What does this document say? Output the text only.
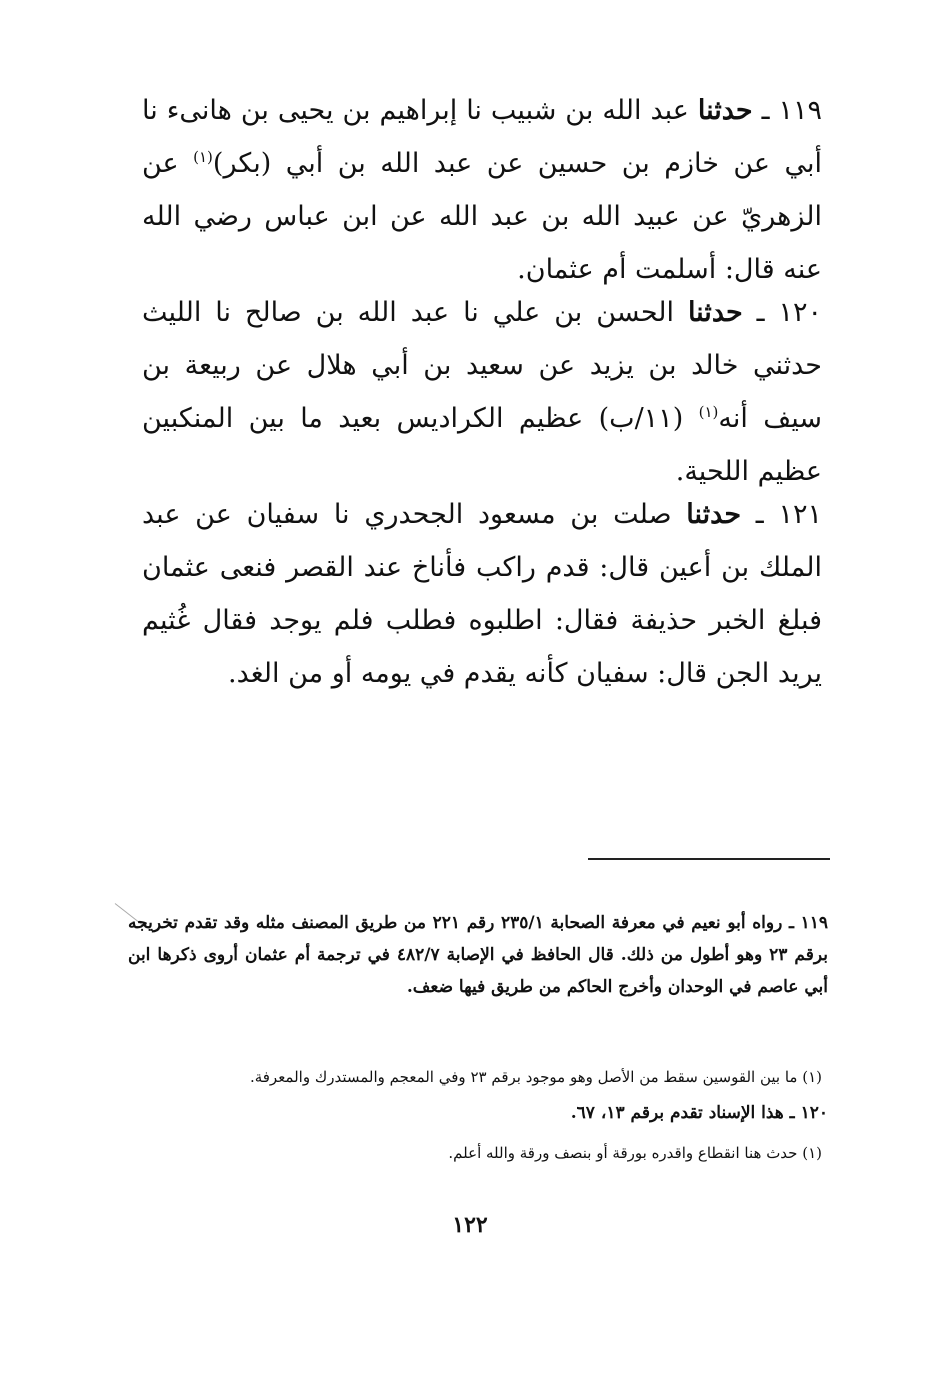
١١٩ ـ حدثنا عبد الله بن شبيب نا إبراهيم بن يحيى بن هانىء نا أبي عن خازم بن حسين عن عبد الله بن أبي (بكر)$^{(١)}$ عن الزهريّ عن عبيد الله بن عبد الله عن ابن عباس رضي الله عنه قال: أسلمت أم عثمان.

١٢٠ ـ حدثنا الحسن بن علي نا عبد الله بن صالح نا الليث حدثني خالد بن يزيد عن سعيد بن أبي هلال عن ربيعة بن سيف أنه$^{(١)}$ (١١/ب) عظيم الكراديس بعيد ما بين المنكبين عظيم اللحية.

١٢١ ـ حدثنا صلت بن مسعود الجحدري نا سفيان عن عبد الملك بن أعين قال: قدم راكب فأناخ عند القصر فنعى عثمان فبلغ الخبر حذيفة فقال: اطلبوه فطلب فلم يوجد فقال غُثيم يريد الجن قال: سفيان كأنه يقدم في يومه أو من الغد.

١١٩ ـ رواه أبو نعيم في معرفة الصحابة ٢٣٥/١ رقم ٢٢١ من طريق المصنف مثله وقد تقدم تخريجه برقم ٢٣ وهو أطول من ذلك. قال الحافظ في الإصابة ٤٨٢/٧ في ترجمة أم عثمان أروى ذكرها ابن أبي عاصم في الوحدان وأخرج الحاكم من طريق فيها ضعف.

(١) ما بين القوسين سقط من الأصل وهو موجود برقم ٢٣ وفي المعجم والمستدرك والمعرفة.

١٢٠ ـ هذا الإسناد تقدم برقم ١٣، ٦٧.

(١) حدث هنا انقطاع واقدره بورقة أو بنصف ورقة والله أعلم.

١٢٢
